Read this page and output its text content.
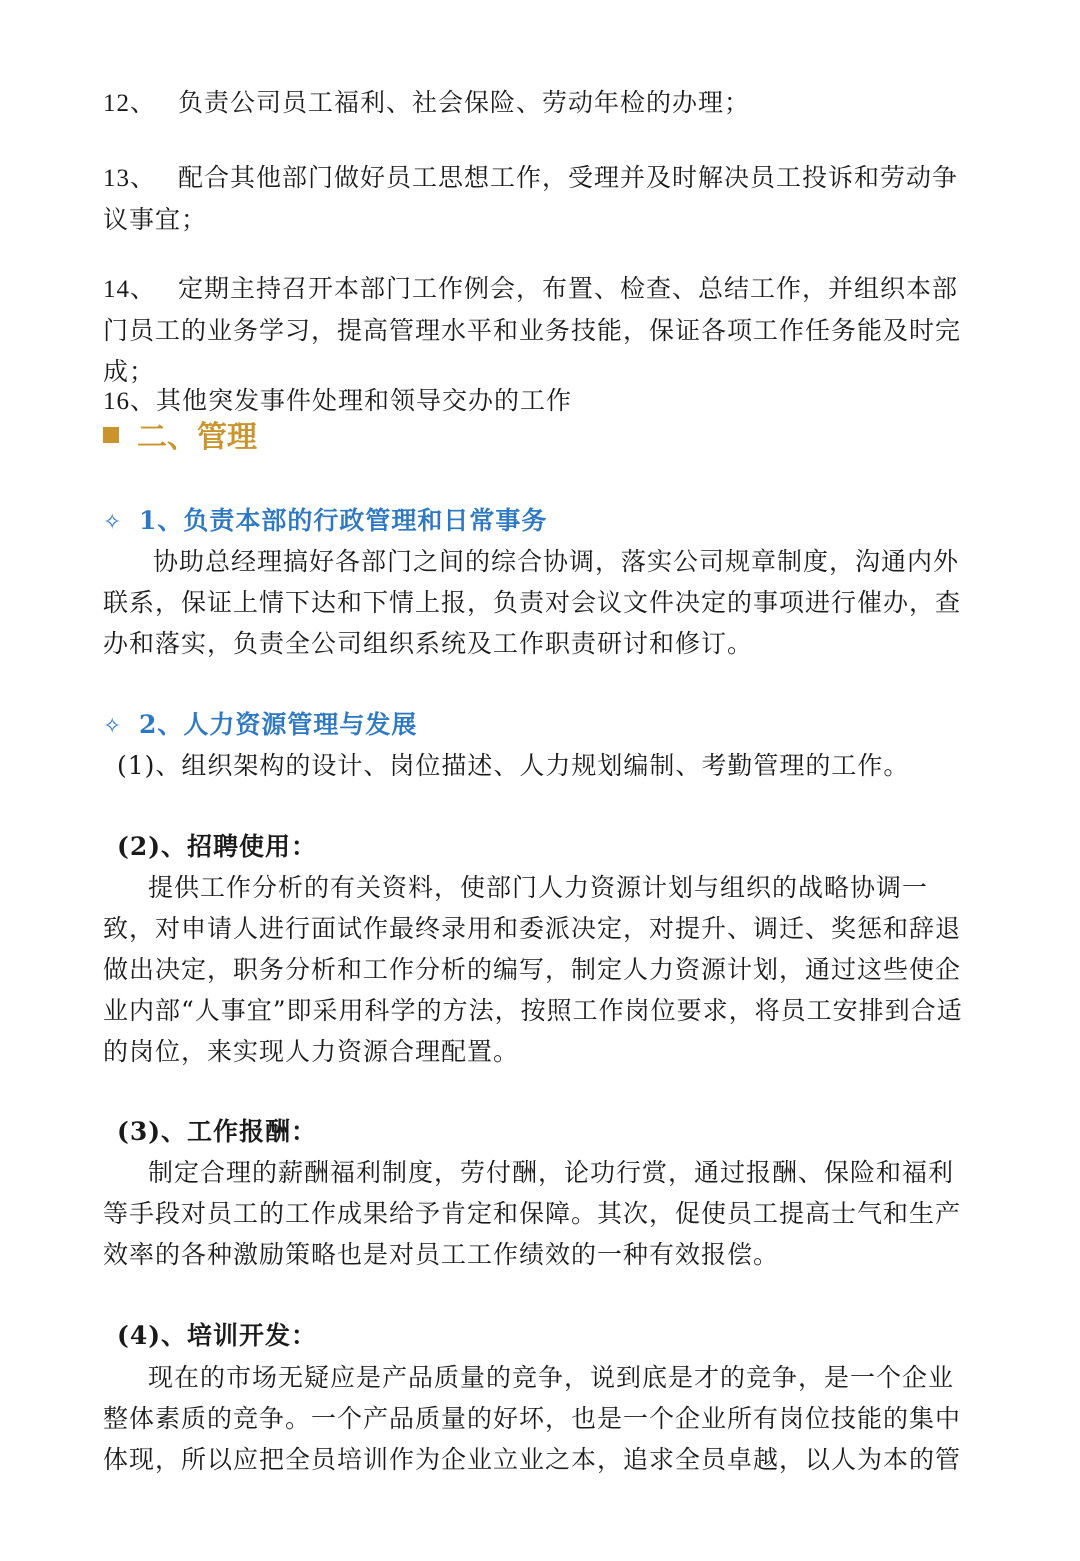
12、 负责公司员工福利、社会保险、劳动年检的办理；

13、 配合其他部门做好员工思想工作，受理并及时解决员工投诉和劳动争议事宜；

14、 定期主持召开本部门工作例会，布置、检查、总结工作，并组织本部门员工的业务学习，提高管理水平和业务技能，保证各项工作任务能及时完成；

16、其他突发事件处理和领导交办的工作

二、管理
✧ 1、负责本部的行政管理和日常事务

协助总经理搞好各部门之间的综合协调，落实公司规章制度，沟通内外联系，保证上情下达和下情上报，负责对会议文件决定的事项进行催办，查办和落实，负责全公司组织系统及工作职责研讨和修订。

✧ 2、人力资源管理与发展

(1)、组织架构的设计、岗位描述、人力规划编制、考勤管理的工作。

(2)、招聘使用：

提供工作分析的有关资料，使部门人力资源计划与组织的战略协调一致，对申请人进行面试作最终录用和委派决定，对提升、调迁、奖惩和辞退做出决定，职务分析和工作分析的编写，制定人力资源计划，通过这些使企业内部“人事宜”即采用科学的方法，按照工作岗位要求，将员工安排到合适的岗位，来实现人力资源合理配置。

(3)、工作报酬：

制定合理的薪酬福利制度，劳付酬，论功行赏，通过报酬、保险和福利等手段对员工的工作成果给予肯定和保障。其次，促使员工提高士气和生产效率的各种激励策略也是对员工工作绩效的一种有效报偿。

(4)、培训开发：

现在的市场无疑应是产品质量的竞争，说到底是才的竞争，是一个企业整体素质的竞争。一个产品质量的好坏，也是一个企业所有岗位技能的集中体现，所以应把全员培训作为企业立业之本，追求全员卓越，以人为本的管
